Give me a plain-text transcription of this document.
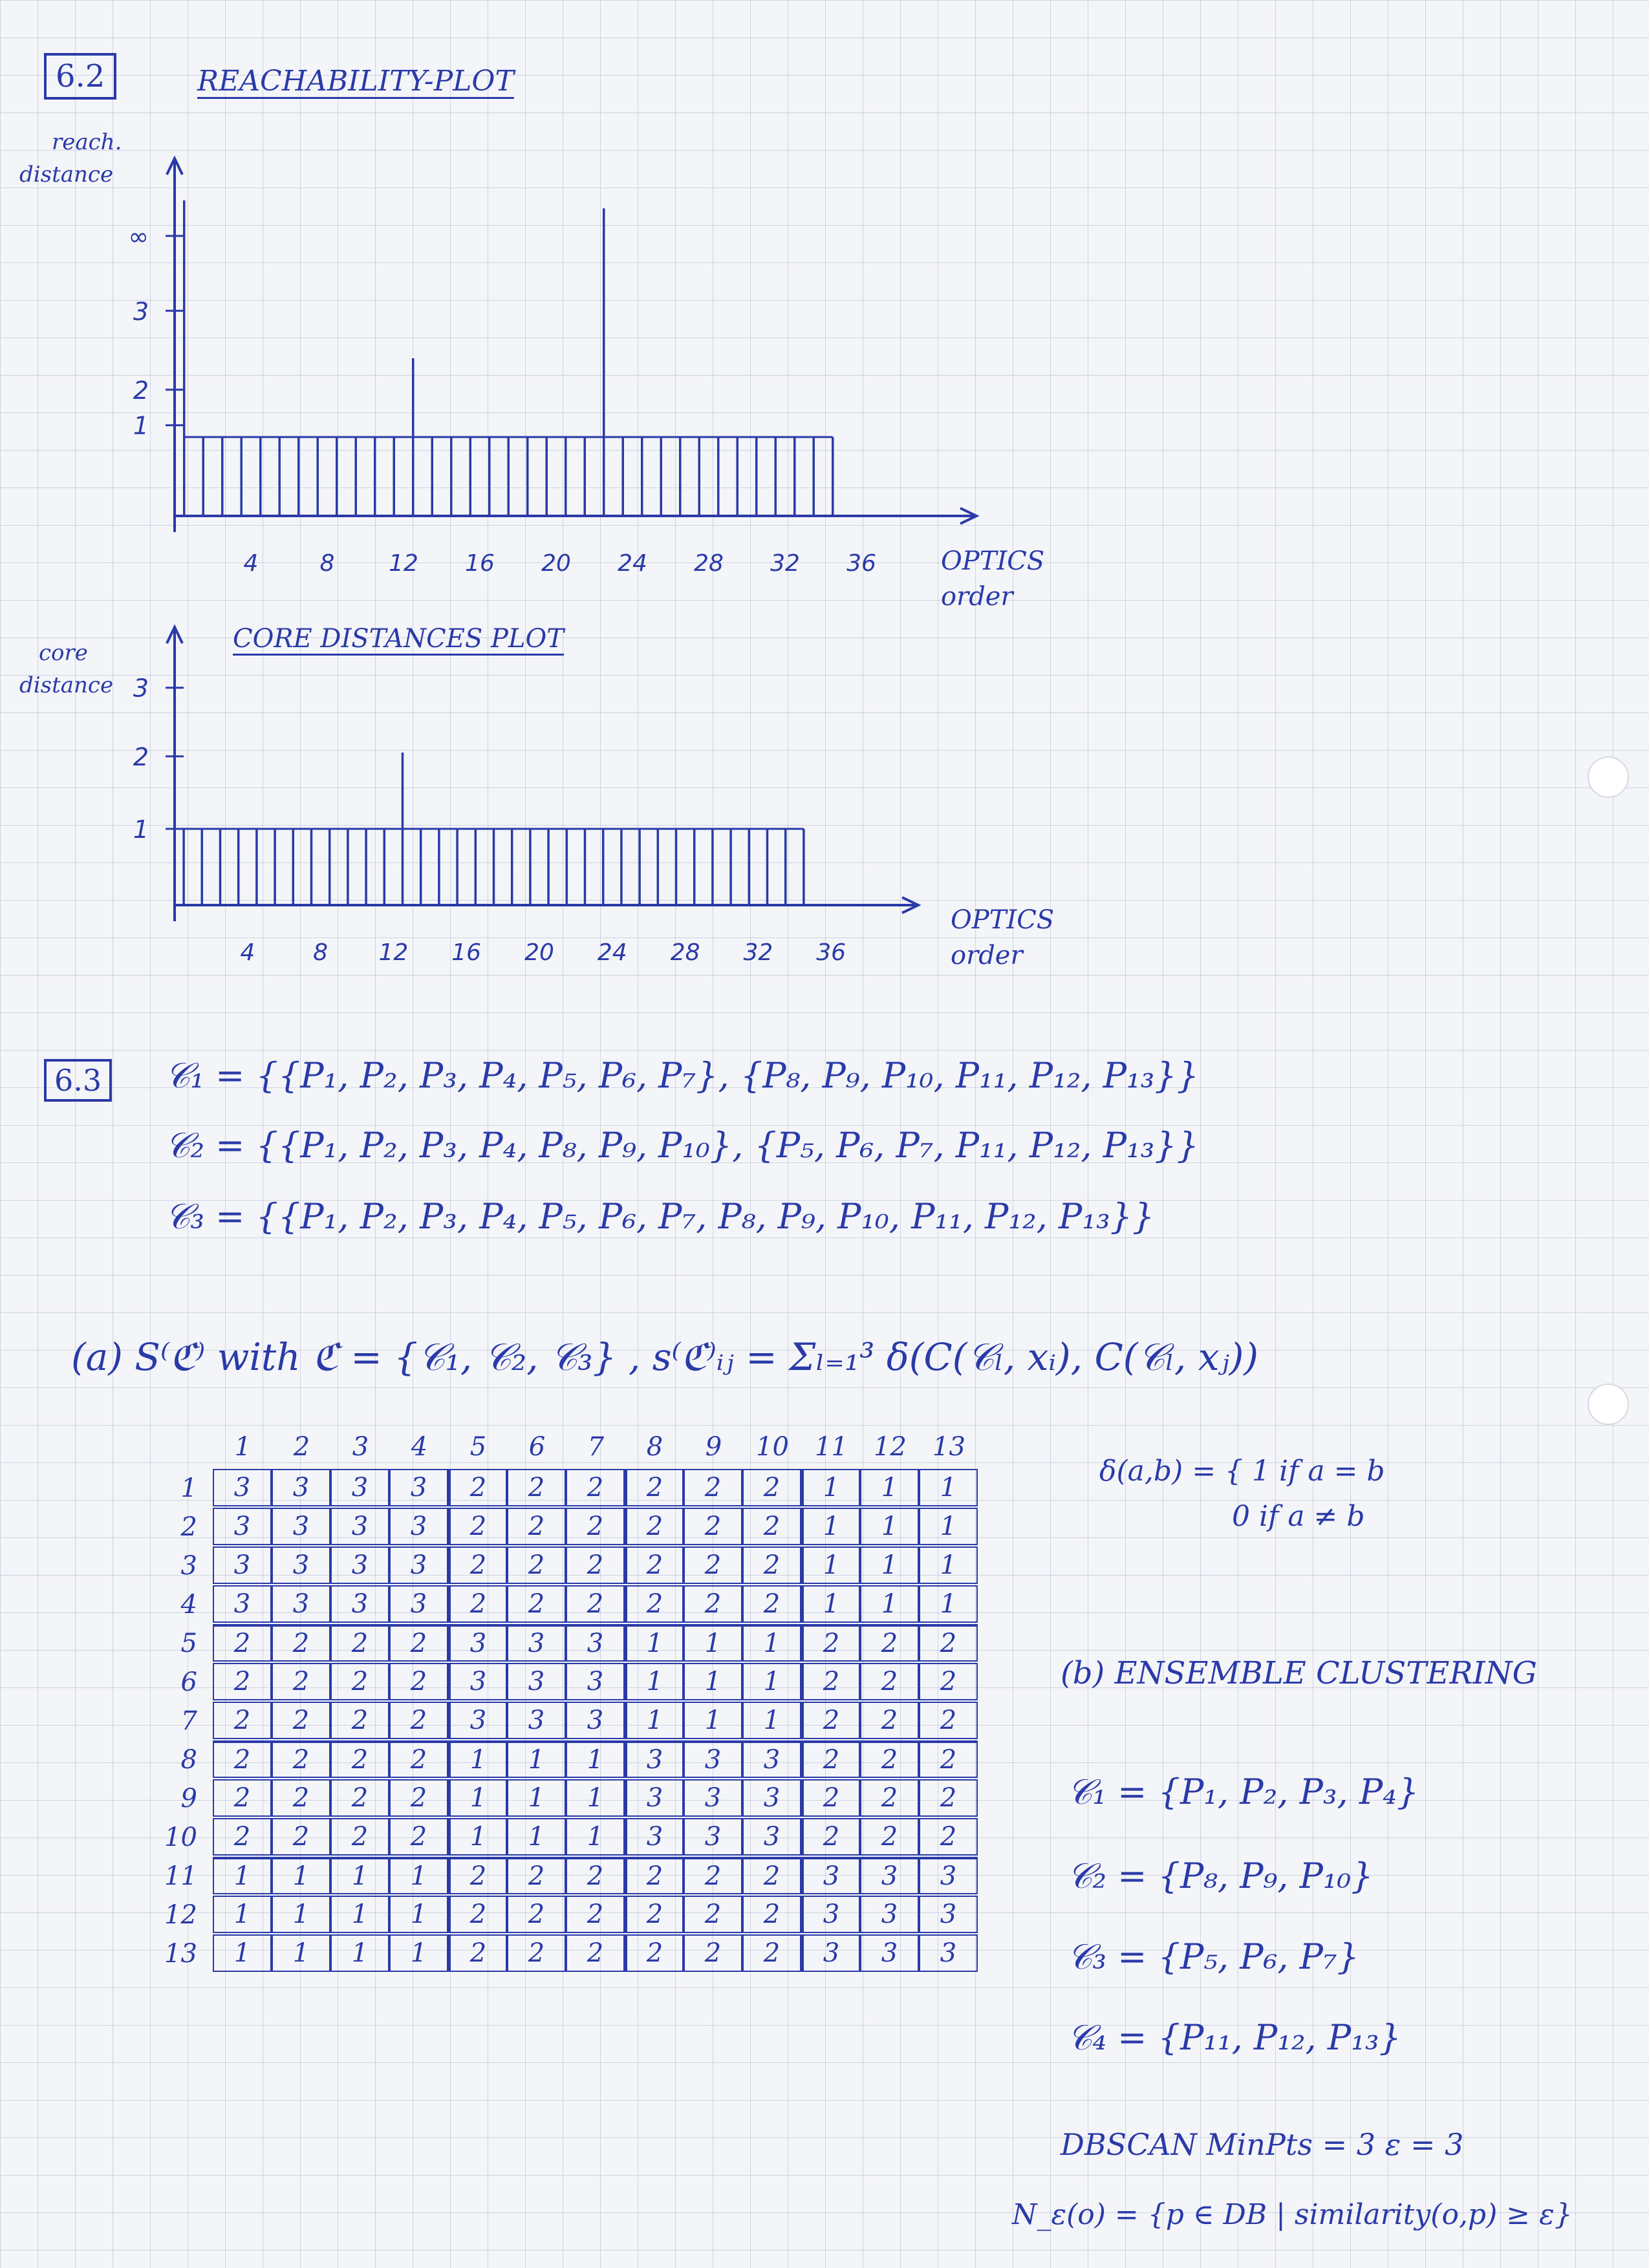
6.2	REACHABILITY-PLOT
∞
3
2
1
4	8 12 16 20 24 28 32 36
3
2
1
4 8 12 16 20 24 28 32 36
reach.
distance
OPTICS
order
CORE DISTANCES PLOT
core
distance
OPTICS
order
6.3 𝒞₁ = {{P₁, P₂, P₃, P₄, P₅, P₆, P₇}, {P₈, P₉, P₁₀, P₁₁, P₁₂, P₁₃}}
𝒞₂ = {{P₁, P₂, P₃, P₄, P₈, P₉, P₁₀}, {P₅, P₆, P₇, P₁₁, P₁₂, P₁₃}}
𝒞₃ = {{P₁, P₂, P₃, P₄, P₅, P₆, P₇, P₈, P₉, P₁₀, P₁₁, P₁₂, P₁₃}}
(a) S⁽ℭ⁾ with ℭ = {𝒞₁, 𝒞₂, 𝒞₃} , s⁽ℭ⁾ᵢⱼ = Σₗ₌₁³ δ(C(𝒞ₗ, xᵢ), C(𝒞ₗ, xⱼ))
δ(a,b) = { 1 if a = b
0 if a ≠ b
1	2	3	4	5	6	7	8	9	10	11	12	13
1	3	3	3	3	2	2	2	2	2	2	1	1	1
2	3	3	3	3	2	2	2	2	2	2	1	1	1
3	3	3	3	3	2	2	2	2	2	2	1	1	1
4	3	3	3	3	2	2	2	2	2	2	1	1	1
5	2	2	2	2	3	3	3	1	1	1	2	2	2
6	2	2	2	2	3	3	3	1	1	1	2	2	2
7	2	2	2	2	3	3	3	1	1	1	2	2	2
8	2	2	2	2	1	1	1	3	3	3	2	2	2
9	2	2	2	2	1	1	1	3	3	3	2	2	2
10	2	2	2	2	1	1	1	3	3	3	2	2	2
11	1	1	1	1	2	2	2	2	2	2	3	3	3
12	1	1	1	1	2	2	2	2	2	2	3	3	3
13	1	1	1	1	2	2	2	2	2	2	3	3	3
(b) ENSEMBLE CLUSTERING
𝒞₁ = {P₁, P₂, P₃, P₄}
𝒞₂ = {P₈, P₉, P₁₀}
𝒞₃ = {P₅, P₆, P₇}
𝒞₄ = {P₁₁, P₁₂, P₁₃}
DBSCAN MinPts = 3 ε = 3
N_ε(o) = {p ∈ DB | similarity(o,p) ≥ ε}
